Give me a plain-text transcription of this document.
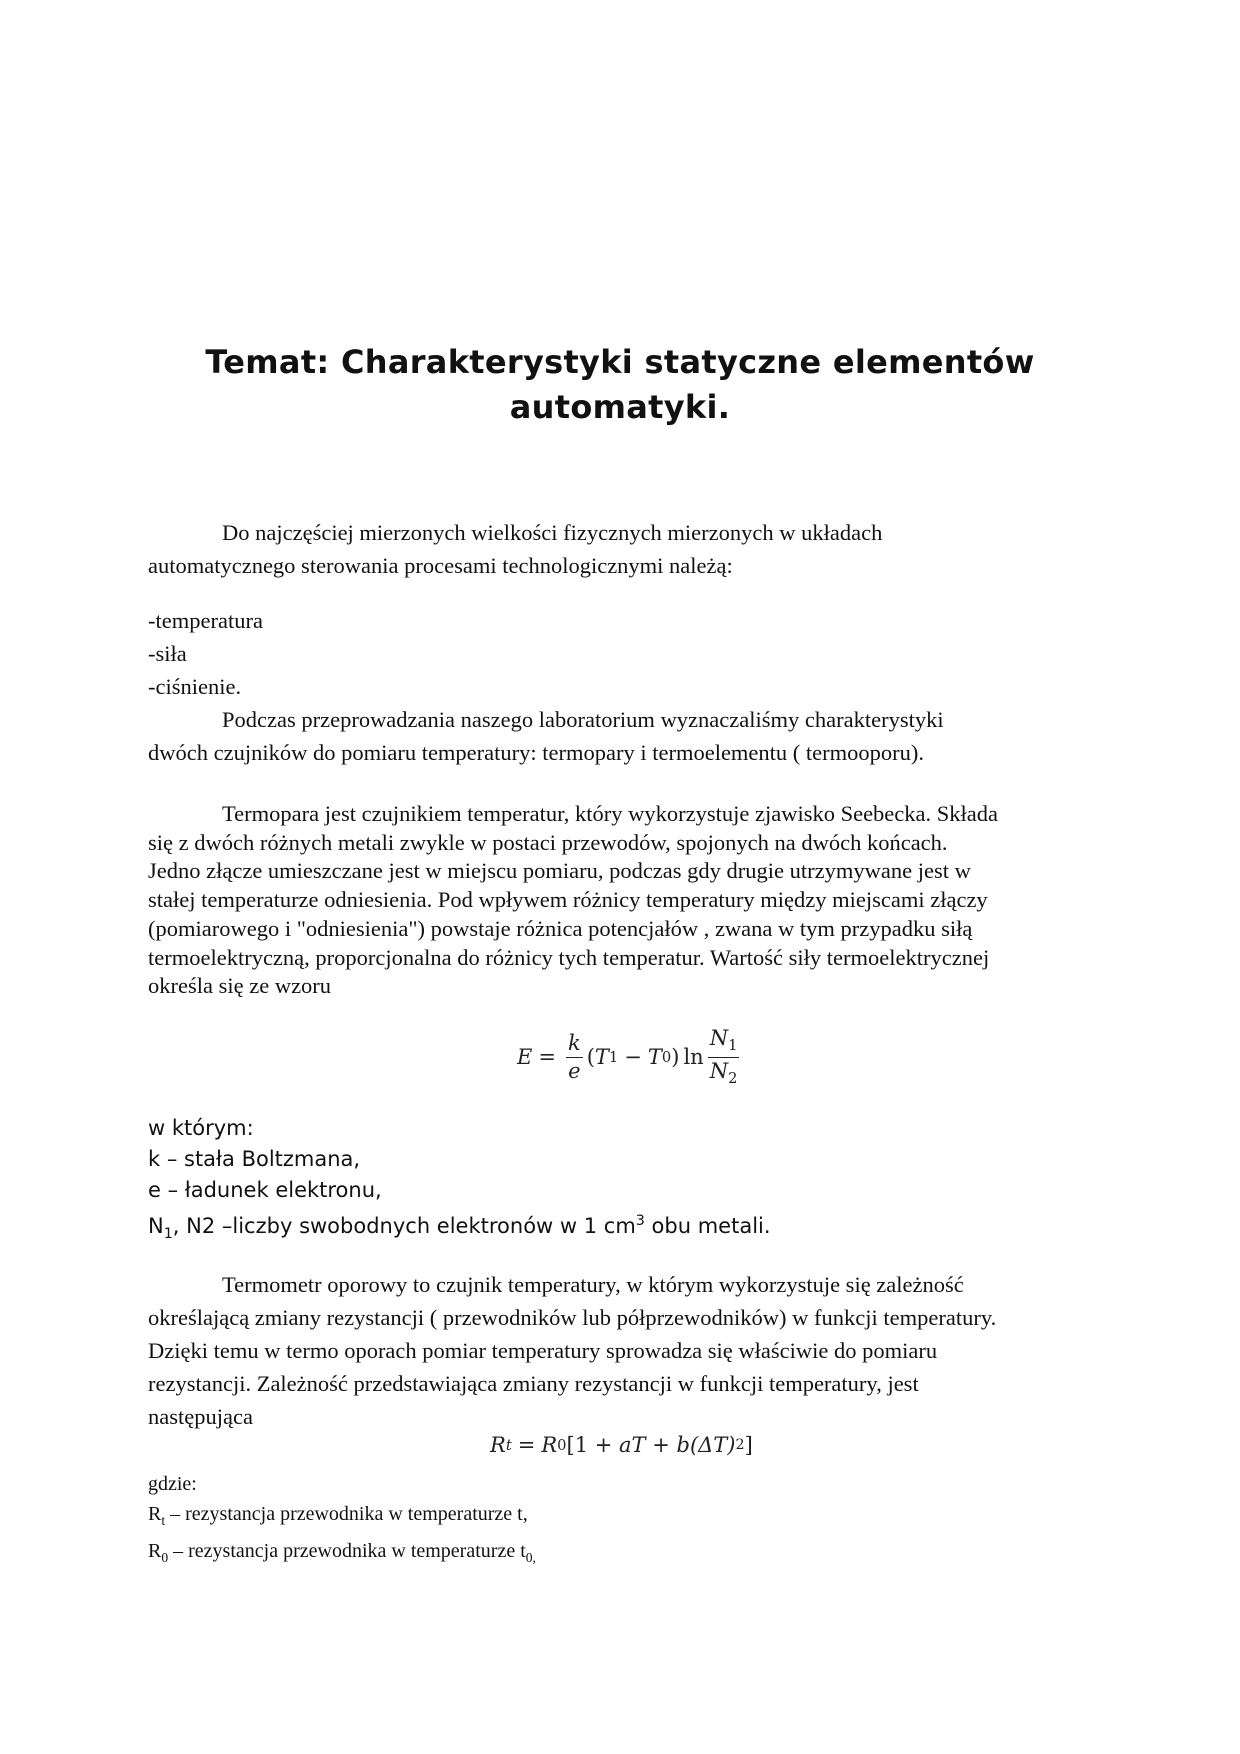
Temat: Charakterystyki statyczne elementów
automatyki.

Do najczęściej mierzonych wielkości fizycznych mierzonych w układach
automatycznego sterowania procesami technologicznymi należą:

-temperatura
-siła
-ciśnienie.

Podczas przeprowadzania naszego laboratorium wyznaczaliśmy charakterystyki
dwóch czujników do pomiaru temperatury: termopary i termoelementu ( termooporu).

Termopara jest czujnikiem temperatur, który wykorzystuje zjawisko Seebecka. Składa
się z dwóch różnych metali zwykle w postaci przewodów, spojonych na dwóch końcach.
Jedno złącze umieszczane jest w miejscu pomiaru, podczas gdy drugie utrzymywane jest w
stałej temperaturze odniesienia. Pod wpływem różnicy temperatury między miejscami złączy
(pomiarowego i "odniesienia") powstaje różnica potencjałów , zwana w tym przypadku siłą
termoelektryczną, proporcjonalna do różnicy tych temperatur. Wartość siły termoelektrycznej
określa się ze wzoru

$E = \frac{k}{e}$ ( T 1 − T 0 ) $\ln \frac{N_1}{N_2}$

w którym:
k – stała Boltzmana,
e – ładunek elektronu,
$N_1$, N2 –liczby swobodnych elektronów w 1 $cm^3$ obu metali.

Termometr oporowy to czujnik temperatury, w którym wykorzystuje się zależność
określającą zmiany rezystancji ( przewodników lub półprzewodników) w funkcji temperatury.
Dzięki temu w termo oporach pomiar temperatury sprowadza się właściwie do pomiaru
rezystancji. Zależność przedstawiająca zmiany rezystancji w funkcji temperatury, jest
następująca

R t = R 0 [1 + aT + b (ΔT) 2 ]

gdzie:
$R_t$ – rezystancja przewodnika w temperaturze t,
$R_0$ – rezystancja przewodnika w temperaturze $t_{0,}$
